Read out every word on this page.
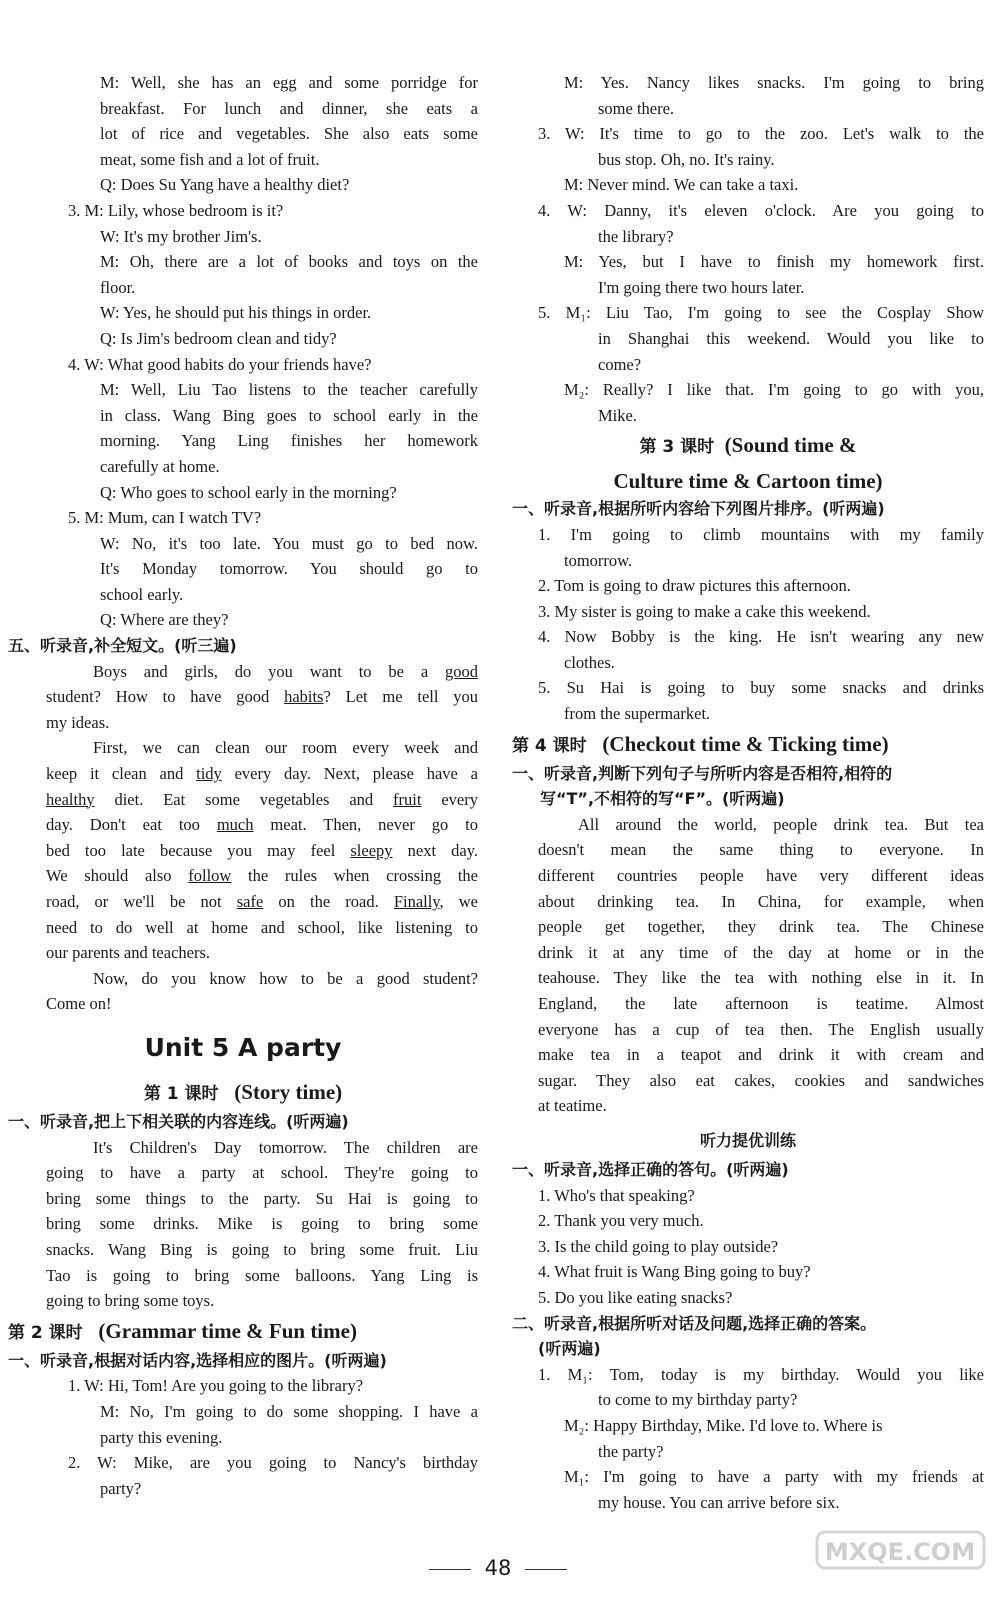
M: Well, she has an egg and some porridge for
breakfast. For lunch and dinner, she eats a
lot of rice and vegetables. She also eats some
meat, some fish and a lot of fruit.
Q: Does Su Yang have a healthy diet?
3. M: Lily, whose bedroom is it?
W: It's my brother Jim's.
M: Oh, there are a lot of books and toys on the
floor.
W: Yes, he should put his things in order.
Q: Is Jim's bedroom clean and tidy?
4. W: What good habits do your friends have?
M: Well, Liu Tao listens to the teacher carefully
in class. Wang Bing goes to school early in the
morning. Yang Ling finishes her homework
carefully at home.
Q: Who goes to school early in the morning?
5. M: Mum, can I watch TV?
W: No, it's too late. You must go to bed now.
It's Monday tomorrow. You should go to
school early.
Q: Where are they?
五、听录音,补全短文。(听三遍)
Boys and girls, do you want to be a good
student? How to have good habits? Let me tell you
my ideas.
First, we can clean our room every week and
keep it clean and tidy every day. Next, please have a
healthy diet. Eat some vegetables and fruit every
day. Don't eat too much meat. Then, never go to
bed too late because you may feel sleepy next day.
We should also follow the rules when crossing the
road, or we'll be not safe on the road. Finally, we
need to do well at home and school, like listening to
our parents and teachers.
Now, do you know how to be a good student?
Come on!
Unit 5 A party
第 1 课时 (Story time)
一、听录音,把上下相关联的内容连线。(听两遍)
It's Children's Day tomorrow. The children are
going to have a party at school. They're going to
bring some things to the party. Su Hai is going to
bring some drinks. Mike is going to bring some
snacks. Wang Bing is going to bring some fruit. Liu
Tao is going to bring some balloons. Yang Ling is
going to bring some toys.
第 2 课时 (Grammar time & Fun time)
一、听录音,根据对话内容,选择相应的图片。(听两遍)
1. W: Hi, Tom! Are you going to the library?
M: No, I'm going to do some shopping. I have a
party this evening.
2. W: Mike, are you going to Nancy's birthday
party?
M: Yes. Nancy likes snacks. I'm going to bring
some there.
3. W: It's time to go to the zoo. Let's walk to the
bus stop. Oh, no. It's rainy.
M: Never mind. We can take a taxi.
4. W: Danny, it's eleven o'clock. Are you going to
the library?
M: Yes, but I have to finish my homework first.
I'm going there two hours later.
5. M₁: Liu Tao, I'm going to see the Cosplay Show
in Shanghai this weekend. Would you like to
come?
M₂: Really? I like that. I'm going to go with you,
Mike.
第 3 课时 (Sound time &
Culture time & Cartoon time)
一、听录音,根据所听内容给下列图片排序。(听两遍)
1. I'm going to climb mountains with my family
tomorrow.
2. Tom is going to draw pictures this afternoon.
3. My sister is going to make a cake this weekend.
4. Now Bobby is the king. He isn't wearing any new
clothes.
5. Su Hai is going to buy some snacks and drinks
from the supermarket.
第 4 课时 (Checkout time & Ticking time)
一、听录音,判断下列句子与所听内容是否相符,相符的
写“T”,不相符的写“F”。(听两遍)
All around the world, people drink tea. But tea
doesn't mean the same thing to everyone. In
different countries people have very different ideas
about drinking tea. In China, for example, when
people get together, they drink tea. The Chinese
drink it at any time of the day at home or in the
teahouse. They like the tea with nothing else in it. In
England, the late afternoon is teatime. Almost
everyone has a cup of tea then. The English usually
make tea in a teapot and drink it with cream and
sugar. They also eat cakes, cookies and sandwiches
at teatime.
听力提优训练
一、听录音,选择正确的答句。(听两遍)
1. Who's that speaking?
2. Thank you very much.
3. Is the child going to play outside?
4. What fruit is Wang Bing going to buy?
5. Do you like eating snacks?
二、听录音,根据所听对话及问题,选择正确的答案。
(听两遍)
1. M₁: Tom, today is my birthday. Would you like
to come to my birthday party?
M₂: Happy Birthday, Mike. I'd love to. Where is
the party?
M₁: I'm going to have a party with my friends at
my house. You can arrive before six.
48
MXQE.COM
